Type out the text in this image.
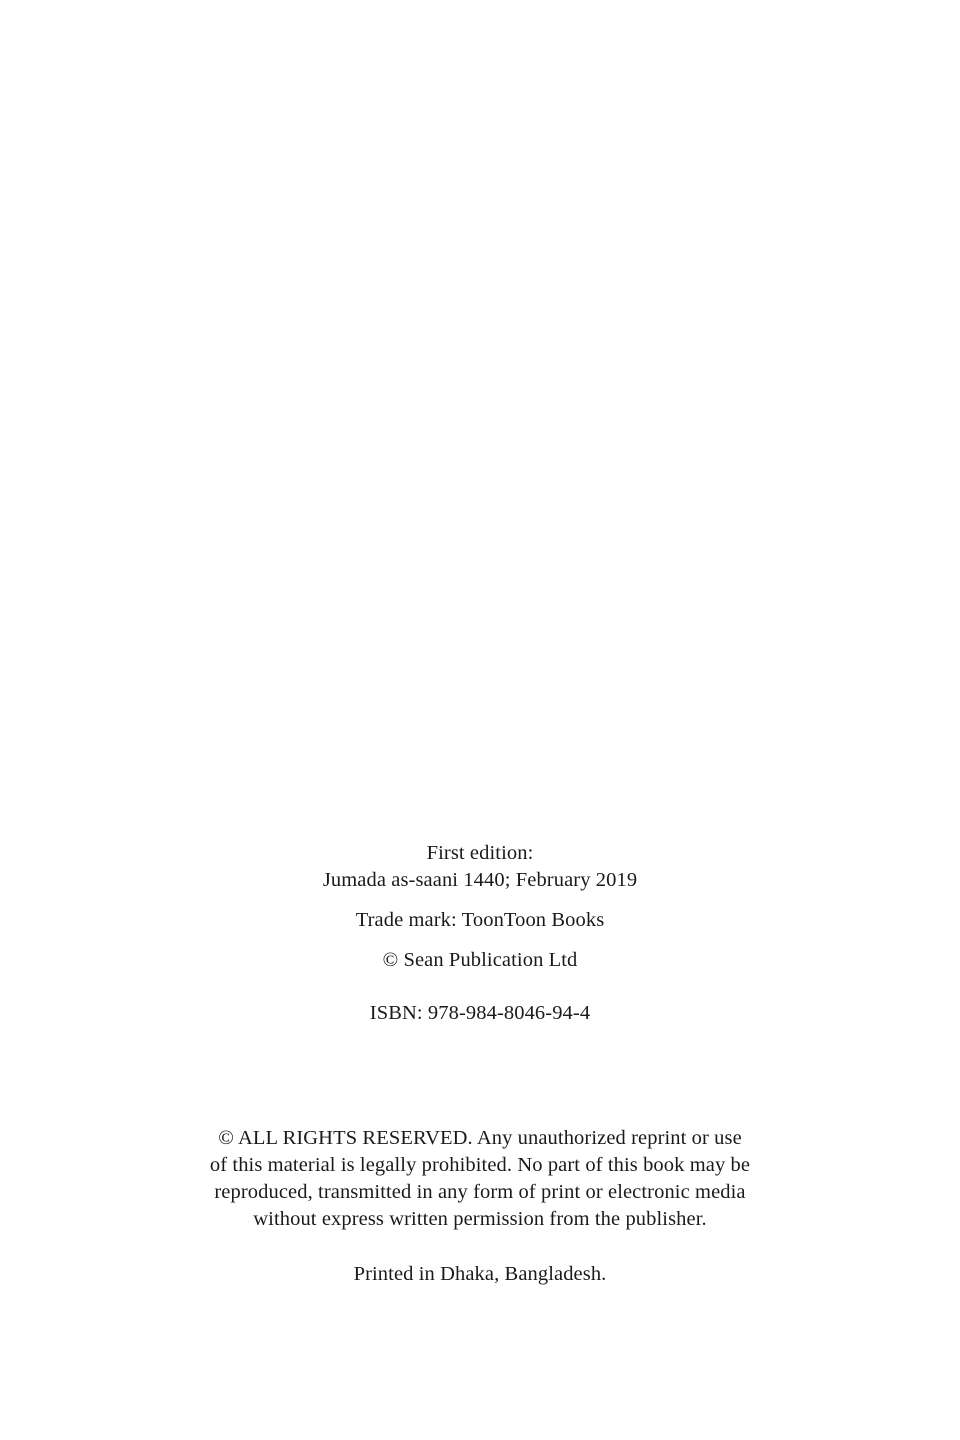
First edition:
Jumada as-saani 1440; February 2019
Trade mark: ToonToon Books
© Sean Publication Ltd
ISBN: 978-984-8046-94-4
© ALL RIGHTS RESERVED. Any unauthorized reprint or use
of this material is legally prohibited. No part of this book may be
reproduced, transmitted in any form of print or electronic media
without express written permission from the publisher.
Printed in Dhaka, Bangladesh.
